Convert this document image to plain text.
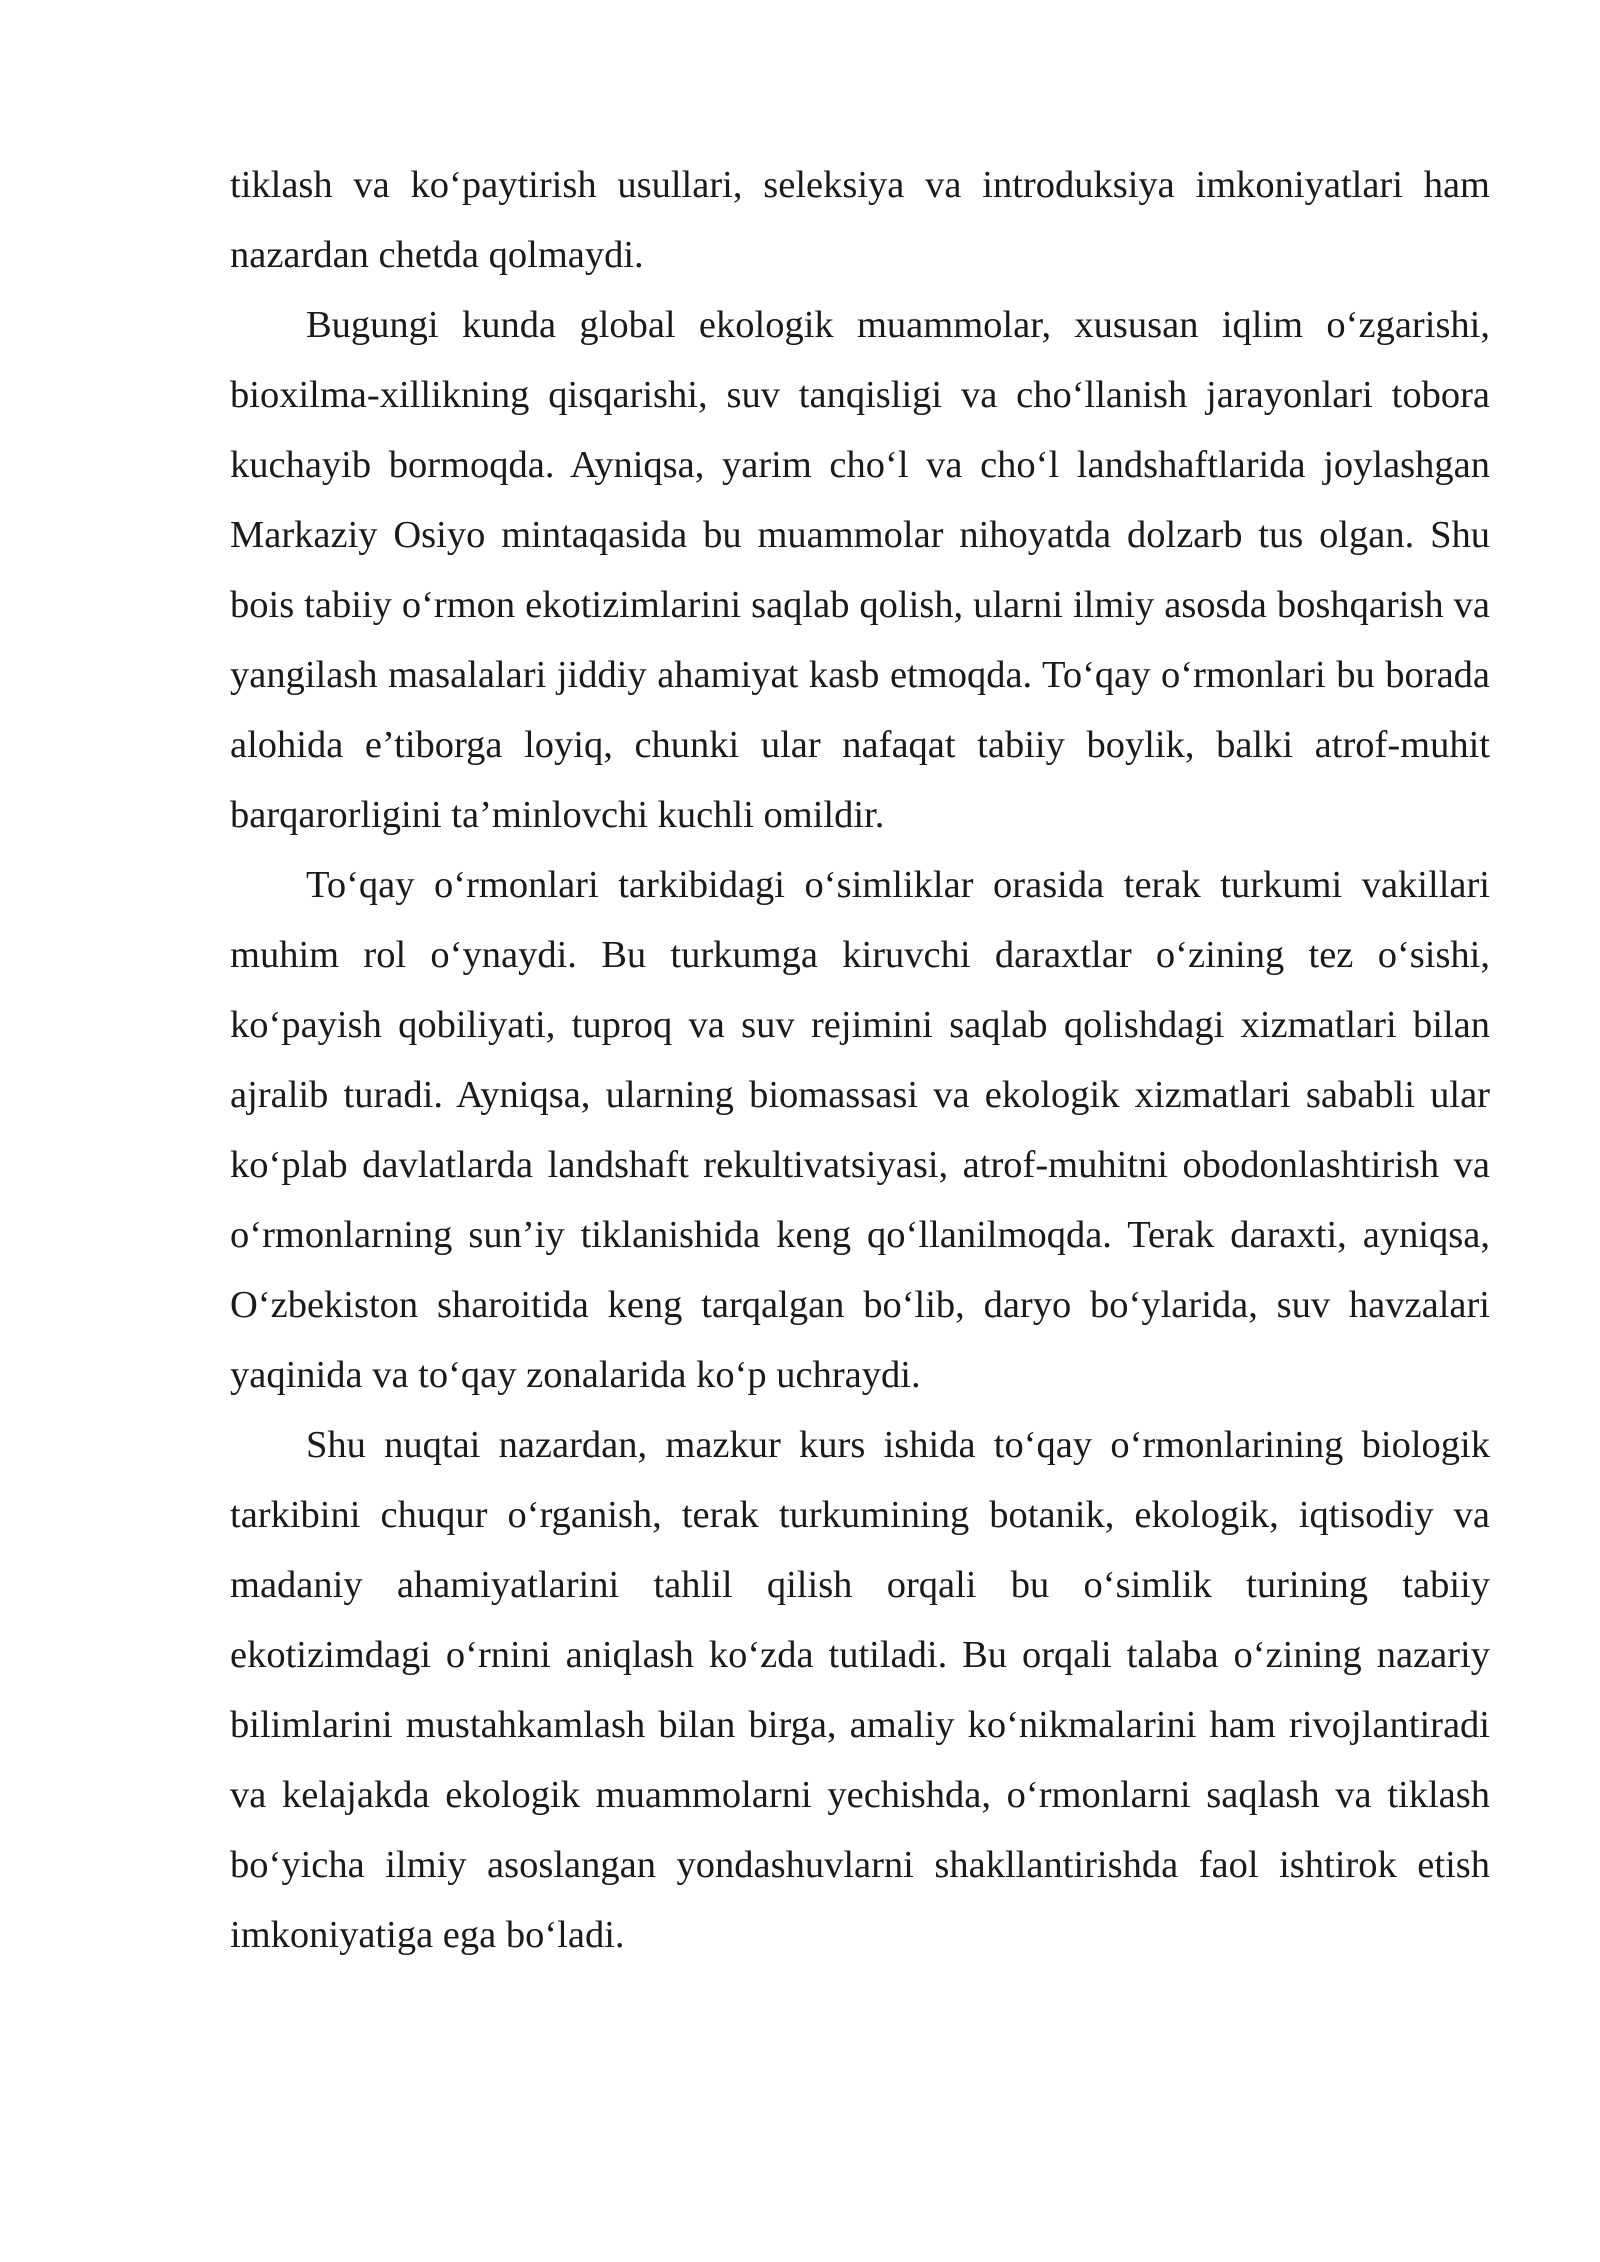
tiklash va ko‘paytirish usullari, seleksiya va introduksiya imkoniyatlari ham nazardan chetda qolmaydi.

Bugungi kunda global ekologik muammolar, xususan iqlim o‘zgarishi, bioxilma-xillikning qisqarishi, suv tanqisligi va cho‘llanish jarayonlari tobora kuchayib bormoqda. Ayniqsa, yarim cho‘l va cho‘l landshaftlarida joylashgan Markaziy Osiyo mintaqasida bu muammolar nihoyatda dolzarb tus olgan. Shu bois tabiiy o‘rmon ekotizimlarini saqlab qolish, ularni ilmiy asosda boshqarish va yangilash masalalari jiddiy ahamiyat kasb etmoqda. To‘qay o‘rmonlari bu borada alohida e’tiborga loyiq, chunki ular nafaqat tabiiy boylik, balki atrof-muhit barqarorligini ta’minlovchi kuchli omildir.

To‘qay o‘rmonlari tarkibidagi o‘simliklar orasida terak turkumi vakillari muhim rol o‘ynaydi. Bu turkumga kiruvchi daraxtlar o‘zining tez o‘sishi, ko‘payish qobiliyati, tuproq va suv rejimini saqlab qolishdagi xizmatlari bilan ajralib turadi. Ayniqsa, ularning biomassasi va ekologik xizmatlari sababli ular ko‘plab davlatlarda landshaft rekultivatsiyasi, atrof-muhitni obodonlashtirish va o‘rmonlarning sun’iy tiklanishida keng qo‘llanilmoqda. Terak daraxti, ayniqsa, O‘zbekiston sharoitida keng tarqalgan bo‘lib, daryo bo‘ylarida, suv havzalari yaqinida va to‘qay zonalarida ko‘p uchraydi.

Shu nuqtai nazardan, mazkur kurs ishida to‘qay o‘rmonlarining biologik tarkibini chuqur o‘rganish, terak turkumining botanik, ekologik, iqtisodiy va madaniy ahamiyatlarini tahlil qilish orqali bu o‘simlik turining tabiiy ekotizimdagi o‘rnini aniqlash ko‘zda tutiladi. Bu orqali talaba o‘zining nazariy bilimlarini mustahkamlash bilan birga, amaliy ko‘nikmalarini ham rivojlantiradi va kelajakda ekologik muammolarni yechishda, o‘rmonlarni saqlash va tiklash bo‘yicha ilmiy asoslangan yondashuvlarni shakllantirishda faol ishtirok etish imkoniyatiga ega bo‘ladi.
